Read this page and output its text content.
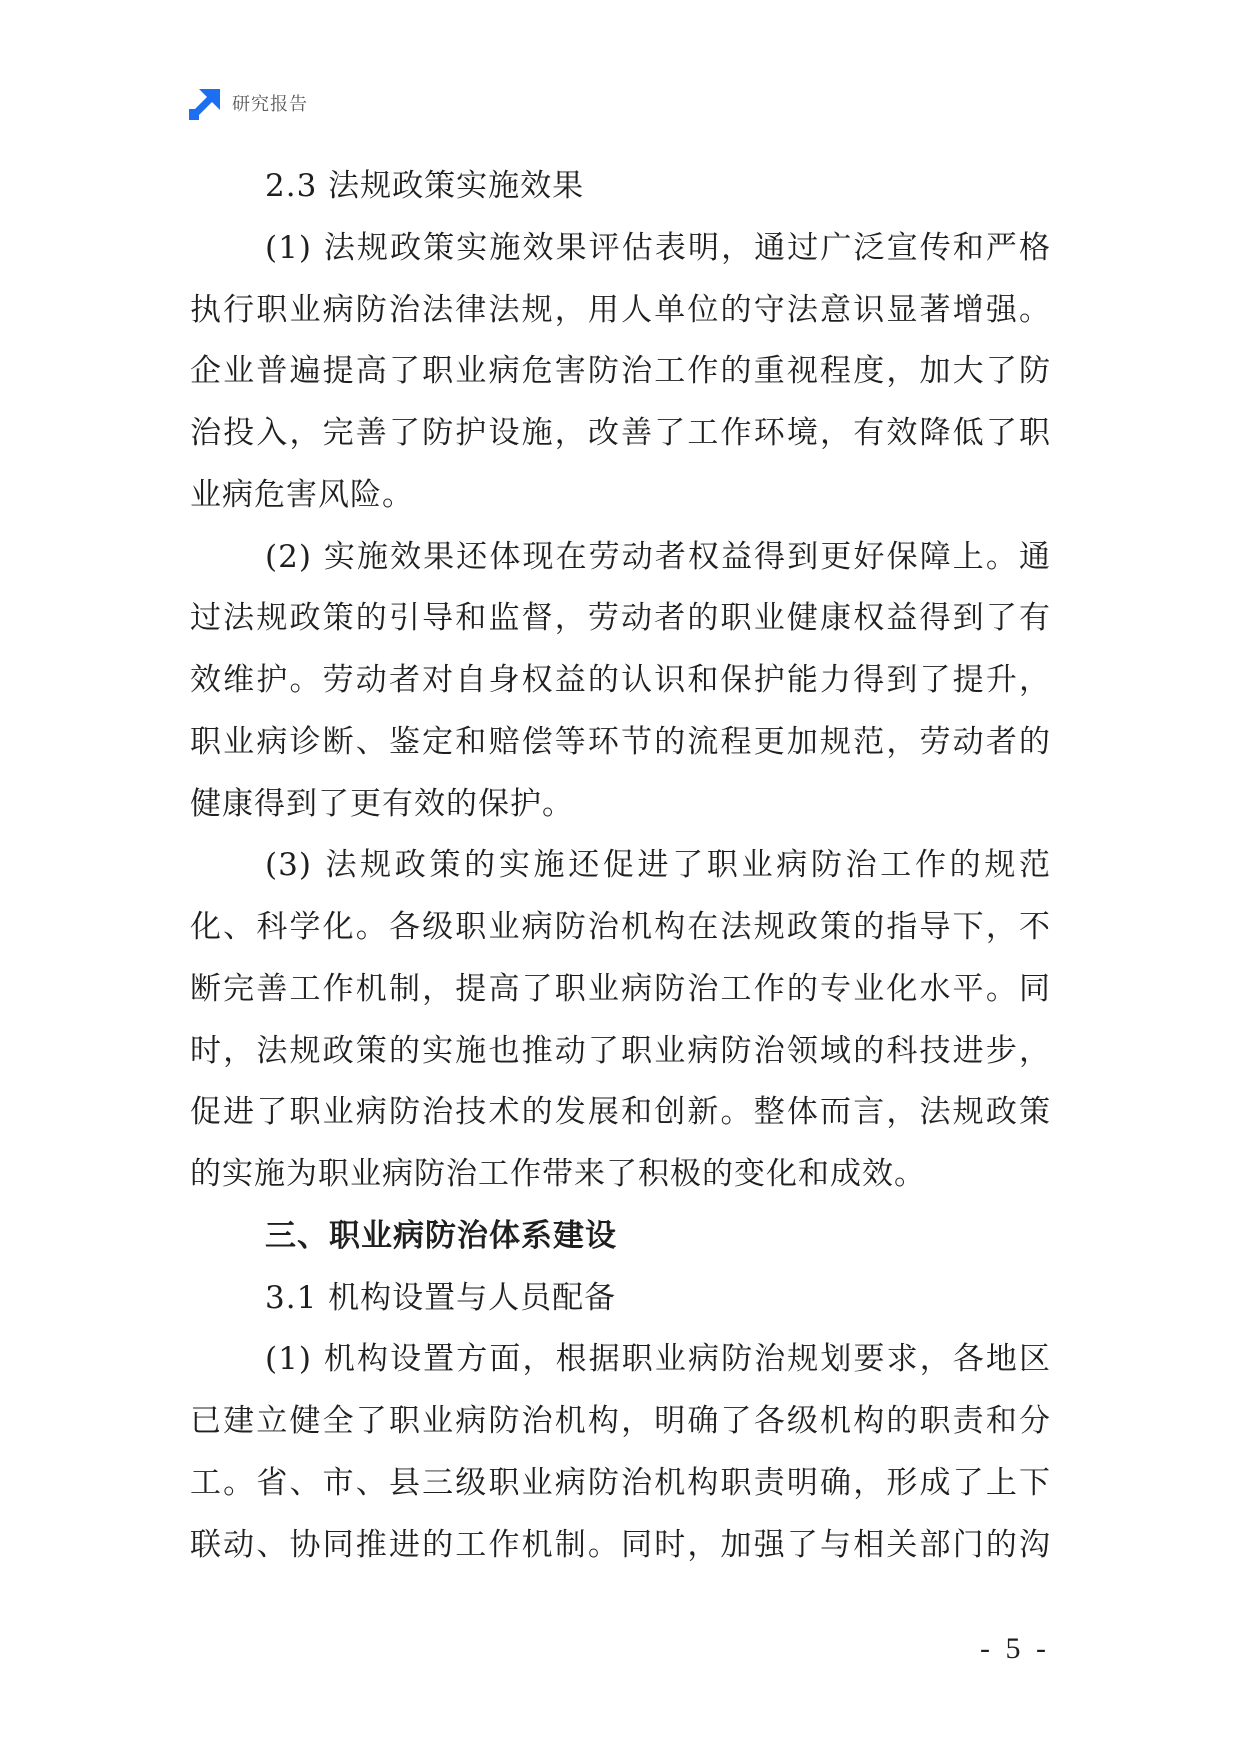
研究报告
2.3 法规政策实施效果
(1) 法规政策实施效果评估表明，通过广泛宣传和严格
执行职业病防治法律法规，用人单位的守法意识显著增强。
企业普遍提高了职业病危害防治工作的重视程度，加大了防
治投入，完善了防护设施，改善了工作环境，有效降低了职
业病危害风险。
(2) 实施效果还体现在劳动者权益得到更好保障上。通
过法规政策的引导和监督，劳动者的职业健康权益得到了有
效维护。劳动者对自身权益的认识和保护能力得到了提升，
职业病诊断、鉴定和赔偿等环节的流程更加规范，劳动者的
健康得到了更有效的保护。
(3) 法规政策的实施还促进了职业病防治工作的规范
化、科学化。各级职业病防治机构在法规政策的指导下，不
断完善工作机制，提高了职业病防治工作的专业化水平。同
时，法规政策的实施也推动了职业病防治领域的科技进步，
促进了职业病防治技术的发展和创新。整体而言，法规政策
的实施为职业病防治工作带来了积极的变化和成效。
三、职业病防治体系建设
3.1 机构设置与人员配备
(1) 机构设置方面，根据职业病防治规划要求，各地区
已建立健全了职业病防治机构，明确了各级机构的职责和分
工。省、市、县三级职业病防治机构职责明确，形成了上下
联动、协同推进的工作机制。同时，加强了与相关部门的沟
- 5 -
